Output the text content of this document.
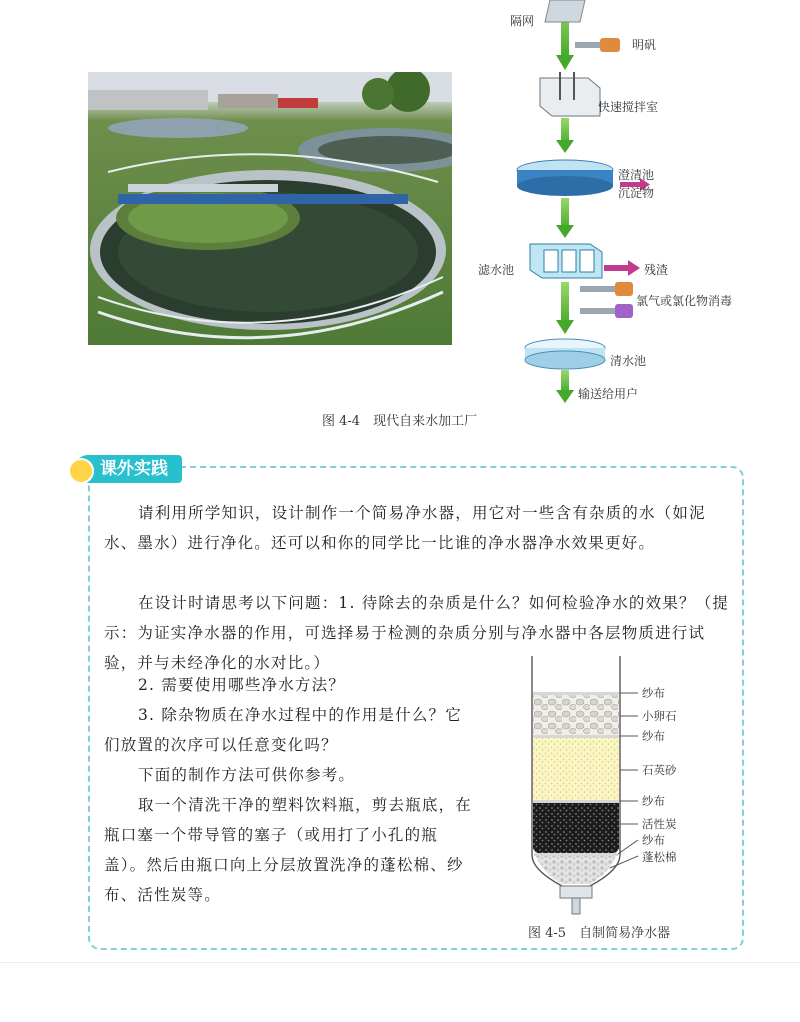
隔网
明矾
快速搅拌室
澄清池
沉淀物
滤水池	残渣
氯气或氯化物消毒
清水池
输送给用户
图 4-4　现代自来水加工厂
课外实践

请利用所学知识，设计制作一个简易净水器，用它对一些含有杂质的水（如泥水、墨水）进行净化。还可以和你的同学比一比谁的净水器净水效果更好。

在设计时请思考以下问题：1. 待除去的杂质是什么？如何检验净水的效果？（提示：为证实净水器的作用，可选择易于检测的杂质分别与净水器中各层物质进行试验，并与未经净化的水对比。）

2. 需要使用哪些净水方法？

3. 除杂物质在净水过程中的作用是什么？它们放置的次序可以任意变化吗？

下面的制作方法可供你参考。

取一个清洗干净的塑料饮料瓶，剪去瓶底，在瓶口塞一个带导管的塞子（或用打了小孔的瓶盖）。然后由瓶口向上分层放置洗净的蓬松棉、纱布、活性炭等。

纱布
小卵石
纱布
石英砂
纱布
活性炭
纱布
蓬松棉
图 4-5　自制简易净水器
